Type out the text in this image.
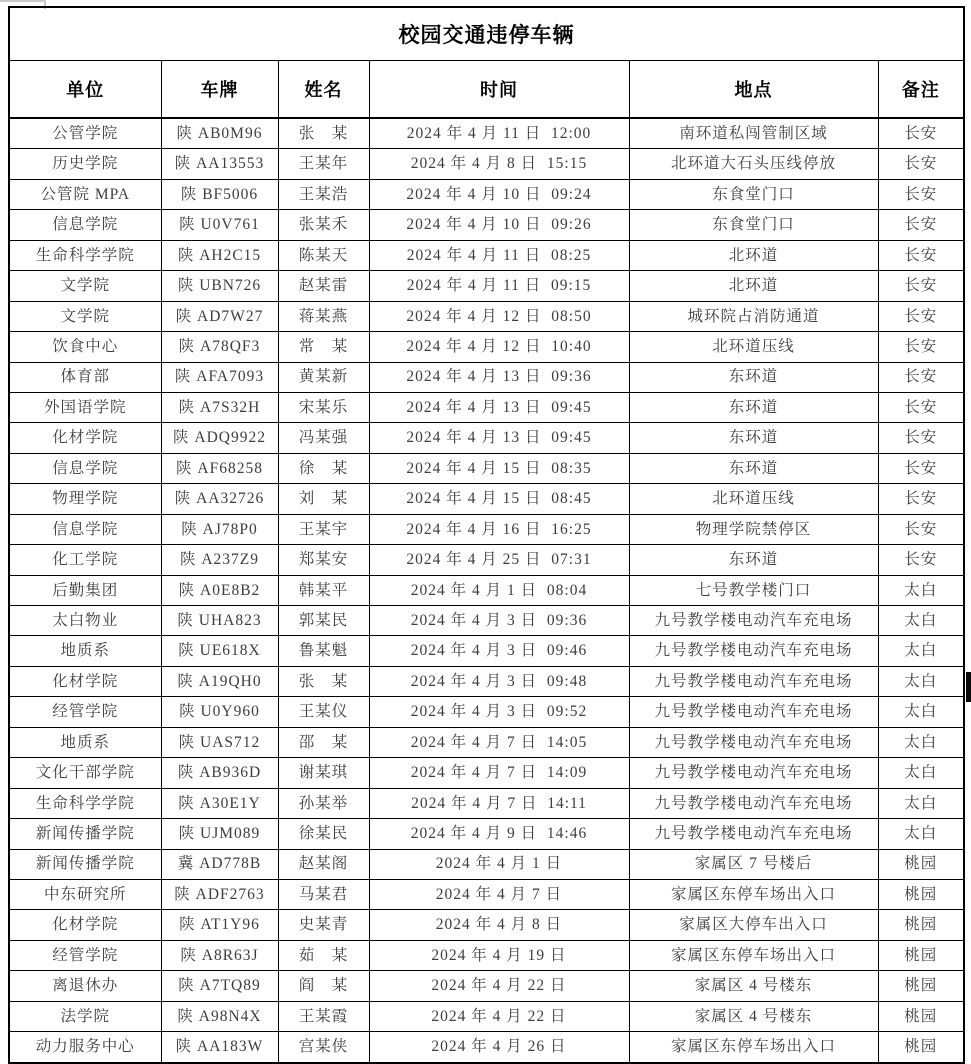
校园交通违停车辆					
单位	车牌	姓名	时间	地点	备注
公管学院	陕 AB0M96	张　某	2024 年 4 月 11 日  12:00	南环道私闯管制区域	长安
历史学院	陕 AA13553	王某年	2024 年 4 月 8 日  15:15	北环道大石头压线停放	长安
公管院 MPA	陕 BF5006	王某浩	2024 年 4 月 10 日  09:24	东食堂门口	长安
信息学院	陕 U0V761	张某禾	2024 年 4 月 10 日  09:26	东食堂门口	长安
生命科学学院	陕 AH2C15	陈某天	2024 年 4 月 11 日  08:25	北环道	长安
文学院	陕 UBN726	赵某雷	2024 年 4 月 11 日  09:15	北环道	长安
文学院	陕 AD7W27	蒋某燕	2024 年 4 月 12 日  08:50	城环院占消防通道	长安
饮食中心	陕 A78QF3	常　某	2024 年 4 月 12 日  10:40	北环道压线	长安
体育部	陕 AFA7093	黄某新	2024 年 4 月 13 日  09:36	东环道	长安
外国语学院	陕 A7S32H	宋某乐	2024 年 4 月 13 日  09:45	东环道	长安
化材学院	陕 ADQ9922	冯某强	2024 年 4 月 13 日  09:45	东环道	长安
信息学院	陕 AF68258	徐　某	2024 年 4 月 15 日  08:35	东环道	长安
物理学院	陕 AA32726	刘　某	2024 年 4 月 15 日  08:45	北环道压线	长安
信息学院	陕 AJ78P0	王某宇	2024 年 4 月 16 日  16:25	物理学院禁停区	长安
化工学院	陕 A237Z9	郑某安	2024 年 4 月 25 日  07:31	东环道	长安
后勤集团	陕 A0E8B2	韩某平	2024 年 4 月 1 日  08:04	七号教学楼门口	太白
太白物业	陕 UHA823	郭某民	2024 年 4 月 3 日  09:36	九号教学楼电动汽车充电场	太白
地质系	陕 UE618X	鲁某魁	2024 年 4 月 3 日  09:46	九号教学楼电动汽车充电场	太白
化材学院	陕 A19QH0	张　某	2024 年 4 月 3 日  09:48	九号教学楼电动汽车充电场	太白
经管学院	陕 U0Y960	王某仪	2024 年 4 月 3 日  09:52	九号教学楼电动汽车充电场	太白
地质系	陕 UAS712	邵　某	2024 年 4 月 7 日  14:05	九号教学楼电动汽车充电场	太白
文化干部学院	陕 AB936D	谢某琪	2024 年 4 月 7 日  14:09	九号教学楼电动汽车充电场	太白
生命科学学院	陕 A30E1Y	孙某举	2024 年 4 月 7 日  14:11	九号教学楼电动汽车充电场	太白
新闻传播学院	陕 UJM089	徐某民	2024 年 4 月 9 日  14:46	九号教学楼电动汽车充电场	太白
新闻传播学院	冀 AD778B	赵某阁	2024 年 4 月 1 日	家属区 7 号楼后	桃园
中东研究所	陕 ADF2763	马某君	2024 年 4 月 7 日	家属区东停车场出入口	桃园
化材学院	陕 AT1Y96	史某青	2024 年 4 月 8 日	家属区大停车出入口	桃园
经管学院	陕 A8R63J	茹　某	2024 年 4 月 19 日	家属区东停车场出入口	桃园
离退休办	陕 A7TQ89	阎　某	2024 年 4 月 22 日	家属区 4 号楼东	桃园
法学院	陕 A98N4X	王某霞	2024 年 4 月 22 日	家属区 4 号楼东	桃园
动力服务中心	陕 AA183W	宫某侠	2024 年 4 月 26 日	家属区东停车场出入口	桃园
